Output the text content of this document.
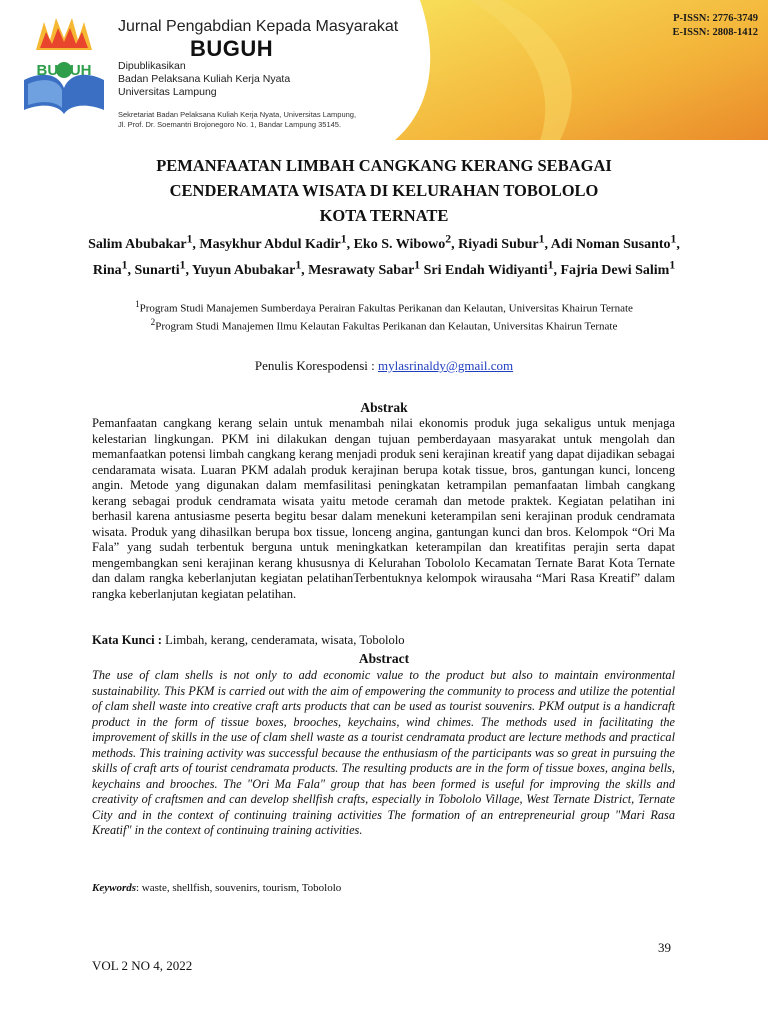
BUGUH
Jurnal Pengabdian Kepada Masyarakat
BUGUH
Dipublikasikan
Badan Pelaksana Kuliah Kerja Nyata
Universitas Lampung
Sekretariat Badan Pelaksana Kuliah Kerja Nyata, Universitas Lampung,
Jl. Prof. Dr. Soemantri Brojonegoro No. 1, Bandar Lampung 35145.
P-ISSN: 2776-3749
E-ISSN: 2808-1412
PEMANFAATAN LIMBAH CANGKANG KERANG SEBAGAI
CENDERAMATA WISATA DI KELURAHAN TOBOLOLO
KOTA TERNATE
Salim Abubakar$^1$, Masykhur Abdul Kadir$^1$, Eko S. Wibowo$^2$, Riyadi Subur$^1$, Adi Noman Susanto$^1$, Rina$^1$, Sunarti$^1$, Yuyun Abubakar$^1$, Mesrawaty Sabar$^1$ Sri Endah Widiyanti$^1$, Fajria Dewi Salim$^1$
$^1$Program Studi Manajemen Sumberdaya Perairan Fakultas Perikanan dan Kelautan, Universitas Khairun Ternate
$^2$Program Studi Manajemen Ilmu Kelautan Fakultas Perikanan dan Kelautan, Universitas Khairun Ternate
Penulis Korespodensi : mylasrinaldy@gmail.com
Abstrak
Pemanfaatan cangkang kerang selain untuk menambah nilai ekonomis produk juga sekaligus untuk menjaga kelestarian lingkungan. PKM ini dilakukan dengan tujuan pemberdayaan masyarakat untuk mengolah dan memanfaatkan potensi limbah cangkang kerang menjadi produk seni kerajinan kreatif yang dapat dijadikan sebagai cendaramata wisata. Luaran PKM adalah produk kerajinan berupa kotak tissue, bros, gantungan kunci, lonceng angin. Metode yang digunakan dalam memfasilitasi peningkatan ketrampilan pemanfaatan limbah cangkang kerang sebagai produk cendramata wisata yaitu metode ceramah dan metode praktek. Kegiatan pelatihan ini berhasil karena antusiasme peserta begitu besar dalam menekuni keterampilan seni kerajinan produk cendramata wisata. Produk yang dihasilkan berupa box tissue, lonceng angina, gantungan kunci dan bros. Kelompok “Ori Ma Fala” yang sudah terbentuk berguna untuk meningkatkan keterampilan dan kreatifitas perajin serta dapat mengembangkan seni kerajinan kerang khususnya di Kelurahan Tobololo Kecamatan Ternate Barat Kota Ternate dan dalam rangka keberlanjutan kegiatan pelatihanTerbentuknya kelompok wirausaha “Mari Rasa Kreatif” dalam rangka keberlanjutan kegiatan pelatihan.
Kata Kunci : Limbah, kerang, cenderamata, wisata, Tobololo
Abstract
The use of clam shells is not only to add economic value to the product but also to maintain environmental sustainability. This PKM is carried out with the aim of empowering the community to process and utilize the potential of clam shell waste into creative craft arts products that can be used as tourist souvenirs. PKM output is a handicraft product in the form of tissue boxes, brooches, keychains, wind chimes. The methods used in facilitating the improvement of skills in the use of clam shell waste as a tourist cendramata product are lecture methods and practical methods. This training activity was successful because the enthusiasm of the participants was so great in pursuing the skills of craft arts of tourist cendramata products. The resulting products are in the form of tissue boxes, angina bells, keychains and brooches. The "Ori Ma Fala" group that has been formed is useful for improving the skills and creativity of craftsmen and can develop shellfish crafts, especially in Tobololo Village, West Ternate District, Ternate City and in the context of continuing training activities The formation of an entrepreneurial group "Mari Rasa Kreatif" in the context of continuing training activities.
Keywords: waste, shellfish, souvenirs, tourism, Tobololo
39
VOL 2 NO 4, 2022
